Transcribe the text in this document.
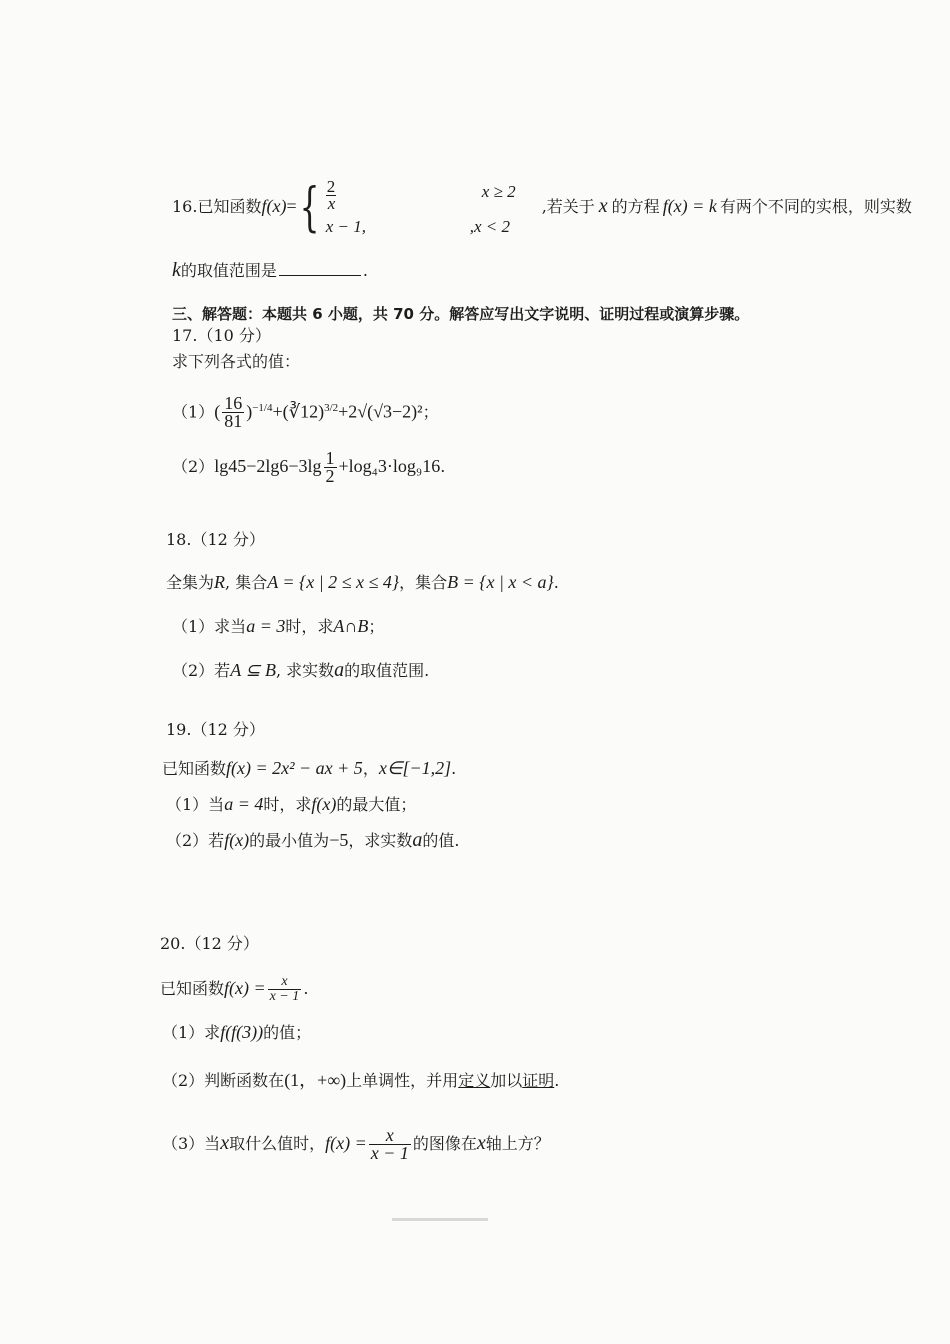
16.已知函数f(x)={ 2
x
x − 1,
x ≥ 2
,x < 2
,若关于 x 的方程 f(x) = k 有两个不同的实根，则实数
k的取值范围是	.
三、解答题：本题共 6 小题，共 70 分。解答应写出文字说明、证明过程或演算步骤。
17.（10 分）
求下列各式的值：
$(1)( \frac{16}{81}$ )$^{-1/4}+(∛12)^{3/2}+2√(√3-2)^2$；
$(2)\lg 45-2\lg 6-3\lg \frac{1}{2} +\log_43\cdot\log_916$.
18.（12 分）
全集为R, 集合A = {x | 2 ≤ x ≤ 4}，集合B = {x | x < a}.
（1）求当a = 3时，求A∩B；
（2）若A ⊆ B, 求实数a的取值范围.
19.（12 分）
已知函数f(x) = 2x² − ax + 5，x∈[−1,2].
（1）当a = 4时，求f(x)的最大值；
（2）若f(x)的最小值为−5，求实数a的值.
20.（12 分）
已知函数$f(x) = \frac{x}{x - 1}$ .
（1）求f(f(3))的值；
（2）判断函数在(1，+∞)上单调性，并用定义加以证明.
（3）当x取什么值时，$f(x) = \frac{x}{x - 1}$ 的图像在x轴上方？
